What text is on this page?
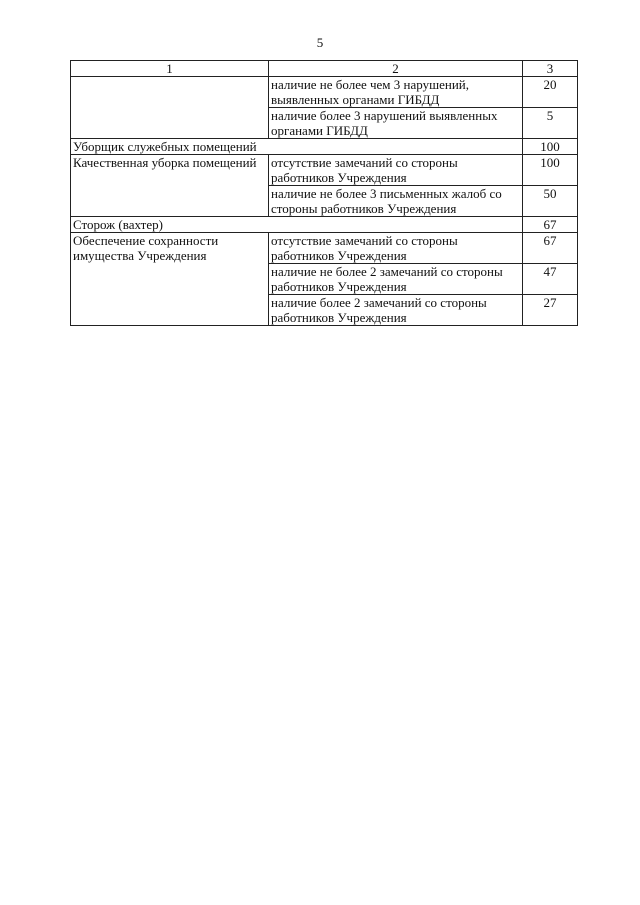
5
1	2	3
	наличие не более чем 3 нарушений, выявленных органами ГИБДД	20
	наличие более 3 нарушений выявленных органами ГИБДД	5
Уборщик служебных помещений		100
Качественная уборка помещений	отсутствие замечаний со стороны работников Учреждения	100
	наличие не более 3 письменных жалоб со стороны работников Учреждения	50
Сторож (вахтер)		67
Обеспечение сохранности имущества Учреждения	отсутствие замечаний со стороны работников Учреждения	67
	наличие не более 2 замечаний со стороны работников Учреждения	47
	наличие более 2 замечаний со стороны работников Учреждения	27
